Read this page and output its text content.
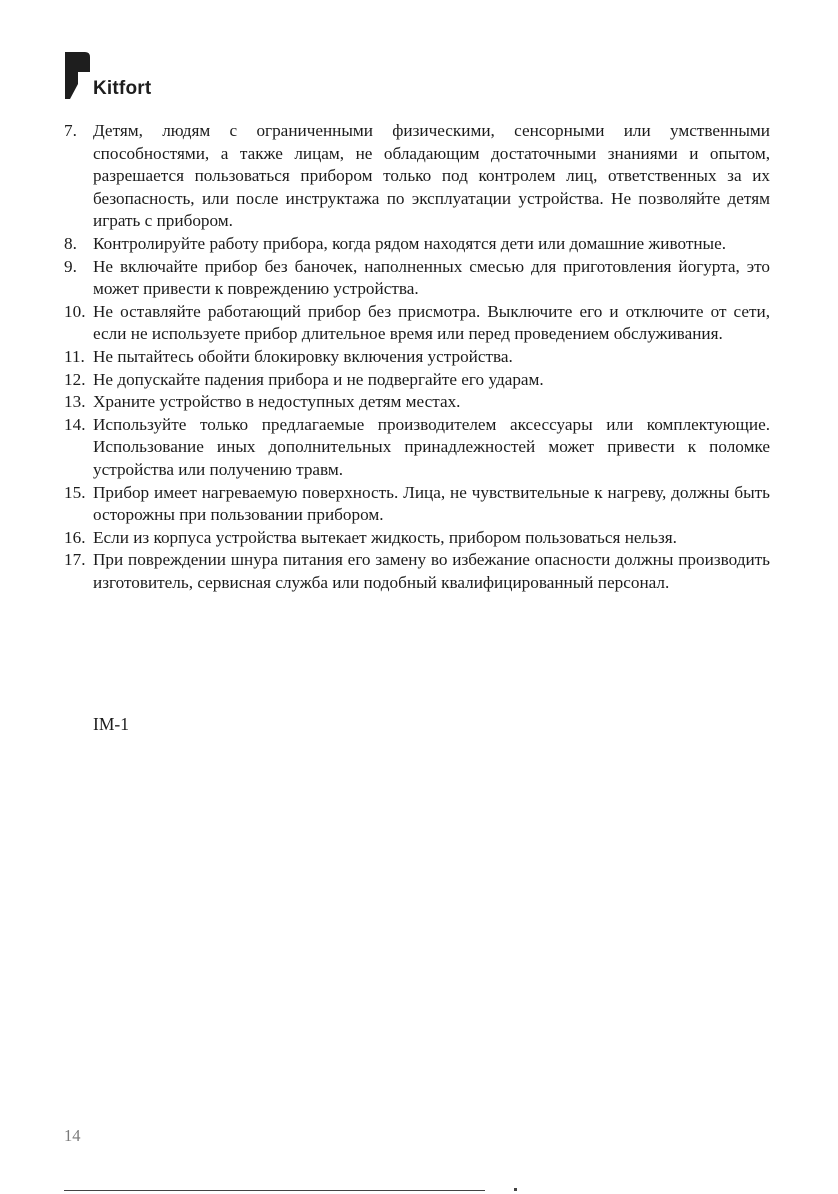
Kitfort
7. Детям, людям с ограниченными физическими, сенсорными или умственными способностями, а также лицам, не обладающим достаточными знаниями и опытом, разрешается пользоваться прибором только под контролем лиц, ответственных за их безопасность, или после инструктажа по эксплуатации устройства. Не позволяйте детям играть с прибором.
8. Контролируйте работу прибора, когда рядом находятся дети или домашние животные.
9. Не включайте прибор без баночек, наполненных смесью для приготовления йогурта, это может привести к повреждению устройства.
10. Не оставляйте работающий прибор без присмотра. Выключите его и отключите от сети, если не используете прибор длительное время или перед проведением обслуживания.
11. Не пытайтесь обойти блокировку включения устройства.
12. Не допускайте падения прибора и не подвергайте его ударам.
13. Храните устройство в недоступных детям местах.
14. Используйте только предлагаемые производителем аксессуары или комплектующие. Использование иных дополнительных принадлежностей может привести к поломке устройства или получению травм.
15. Прибор имеет нагреваемую поверхность. Лица, не чувствительные к нагреву, должны быть осторожны при пользовании прибором.
16. Если из корпуса устройства вытекает жидкость, прибором пользоваться нельзя.
17. При повреждении шнура питания его замену во избежание опасности должны производить изготовитель, сервисная служба или подобный квалифицированный персонал.
IM-1
14
